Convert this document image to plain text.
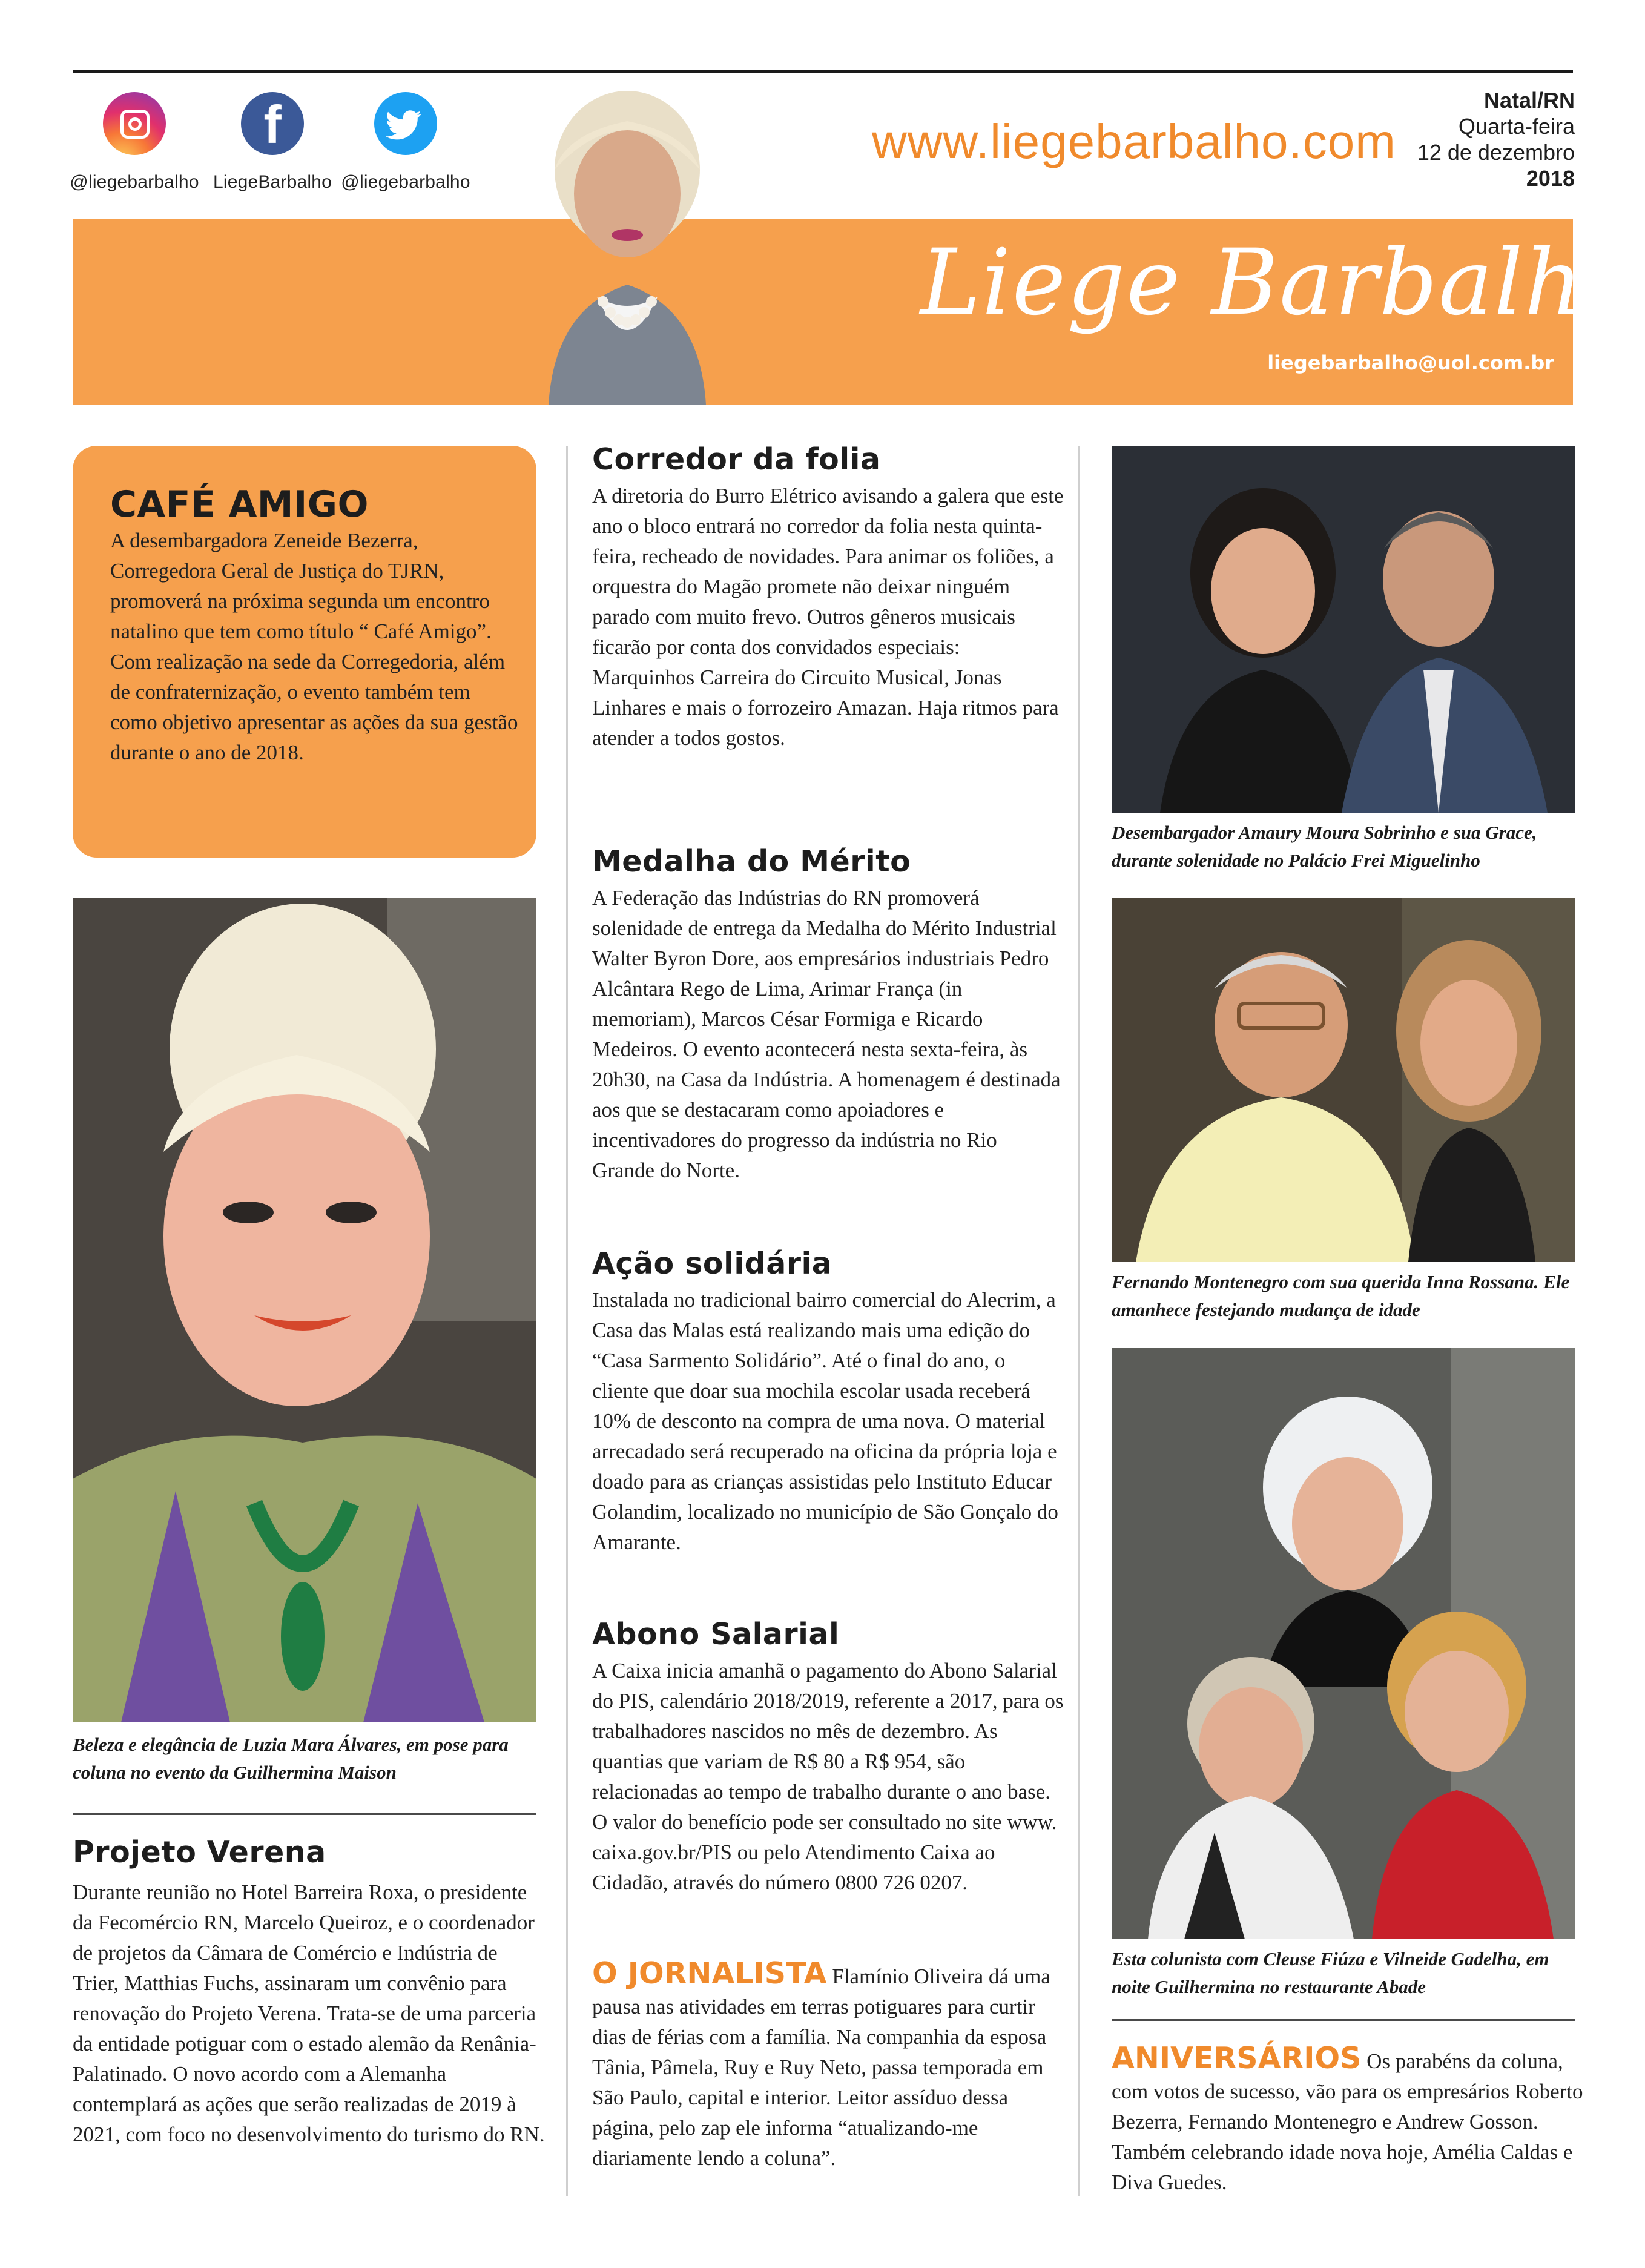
@liegebarbalho
f
LiegeBarbalho @liegebarbalho
www.liegebarbalho.com
Natal/RN
Quarta-feira
12 de dezembro
2018
Liege Barbalho
liegebarbalho@uol.com.br
CAFÉ AMIGO
A desembargadora Zeneide Bezerra, Corregedora Geral de Justiça do TJRN, promoverá na próxima segunda um encontro natalino que tem como título “ Café Amigo”. Com realização na sede da Corregedoria, além de confraternização, o evento também tem como objetivo apresentar as ações da sua gestão durante o ano de 2018.
Beleza e elegância de Luzia Mara Álvares, em pose para coluna no evento da Guilhermina Maison
Projeto Verena
Durante reunião no Hotel Barreira Roxa, o presidente da Fecomércio RN, Marcelo Queiroz, e o coordenador de projetos da Câmara de Comércio e Indústria de Trier, Matthias Fuchs, assinaram um convênio para renovação do Projeto Verena. Trata-se de uma parceria da entidade potiguar com o estado alemão da Renânia-Palatinado. O novo acordo com a Alemanha contemplará as ações que serão realizadas de 2019 à 2021, com foco no desenvolvimento do turismo do RN.
Corredor da folia
A diretoria do Burro Elétrico avisando a galera que este ano o bloco entrará no corredor da folia nesta quinta-feira, recheado de novidades. Para animar os foliões, a orquestra do Magão promete não deixar ninguém parado com muito frevo. Outros gêneros musicais ficarão por conta dos convidados especiais: Marquinhos Carreira do Circuito Musical, Jonas Linhares e mais o forrozeiro Amazan. Haja ritmos para atender a todos gostos.
Medalha do Mérito
A Federação das Indústrias do RN promoverá solenidade de entrega da Medalha do Mérito Industrial Walter Byron Dore, aos empresários industriais Pedro Alcântara Rego de Lima, Arimar França (in memoriam), Marcos César Formiga e Ricardo Medeiros. O evento acontecerá nesta sexta-feira, às 20h30, na Casa da Indústria. A homenagem é destinada aos que se destacaram como apoiadores e incentivadores do progresso da indústria no Rio Grande do Norte.
Ação solidária
Instalada no tradicional bairro comercial do Alecrim, a Casa das Malas está realizando mais uma edição do “Casa Sarmento Solidário”. Até o final do ano, o cliente que doar sua mochila escolar usada receberá 10% de desconto na compra de uma nova. O material arrecadado será recuperado na oficina da própria loja e doado para as crianças assistidas pelo Instituto Educar Golandim, localizado no município de São Gonçalo do Amarante.
Abono Salarial
A Caixa inicia amanhã o pagamento do Abono Salarial do PIS, calendário 2018/2019, referente a 2017, para os trabalhadores nascidos no mês de dezembro. As quantias que variam de R$ 80 a R$ 954, são relacionadas ao tempo de trabalho durante o ano base. O valor do benefício pode ser consultado no site www. caixa.gov.br/PIS ou pelo Atendimento Caixa ao Cidadão, através do número 0800 726 0207.
O JORNALISTA Flamínio Oliveira dá uma pausa nas atividades em terras potiguares para curtir dias de férias com a família. Na companhia da esposa Tânia, Pâmela, Ruy e Ruy Neto, passa temporada em São Paulo, capital e interior. Leitor assíduo dessa página, pelo zap ele informa “atualizando-me diariamente lendo a coluna”.
Desembargador Amaury Moura Sobrinho e sua Grace, durante solenidade no Palácio Frei Miguelinho
Fernando Montenegro com sua querida Inna Rossana. Ele amanhece festejando mudança de idade
Esta colunista com Cleuse Fiúza e Vilneide Gadelha, em noite Guilhermina no restaurante Abade
ANIVERSÁRIOS Os parabéns da coluna, com votos de sucesso, vão para os empresários Roberto Bezerra, Fernando Montenegro e Andrew Gosson. Também celebrando idade nova hoje, Amélia Caldas e Diva Guedes.
